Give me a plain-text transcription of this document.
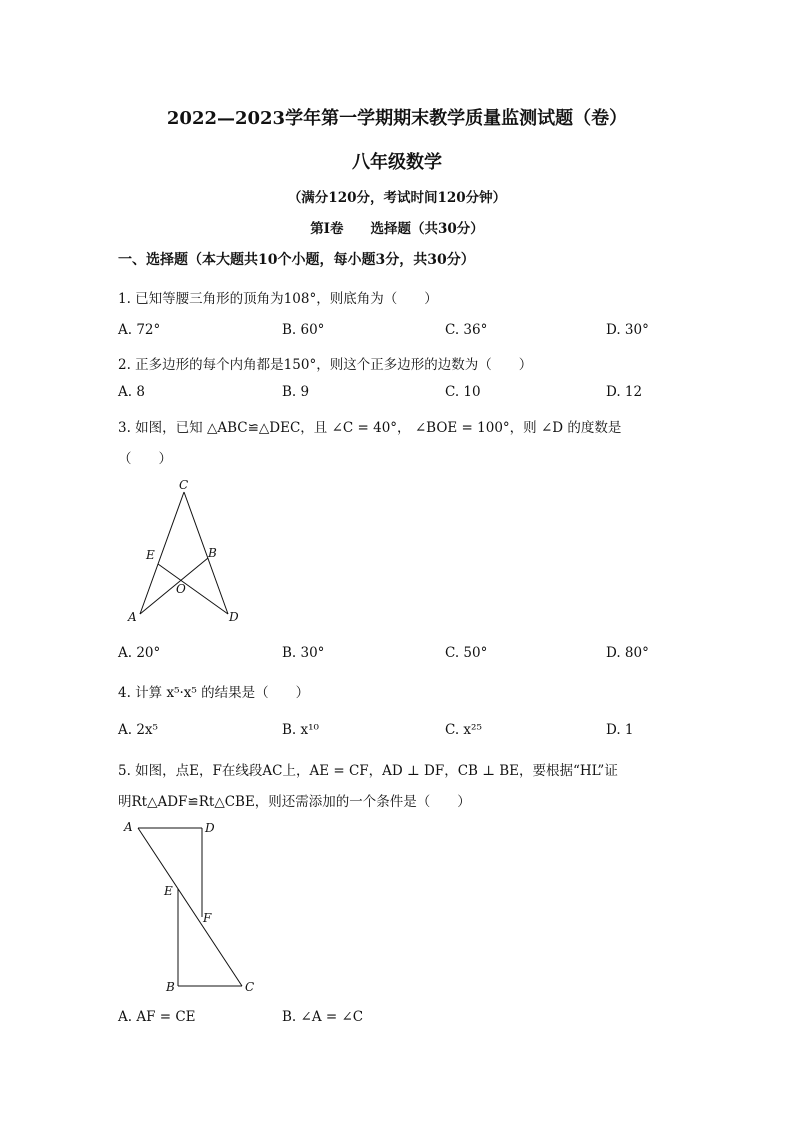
2022—2023学年第一学期期末教学质量监测试题（卷）
八年级数学
（满分120分，考试时间120分钟）
第Ⅰ卷　　选择题（共30分）
一、选择题（本大题共10个小题，每小题3分，共30分）
1. 已知等腰三角形的顶角为108°，则底角为（　　）
A. 72°	B. 60°	C. 36°	D. 30°
2. 正多边形的每个内角都是150°，则这个正多边形的边数为（　　）
A. 8	B. 9	C. 10	D. 12
3. 如图，已知 △ABC≌△DEC，且 ∠C = 40°， ∠BOE = 100°，则 ∠D 的度数是
（　　）
C
E	B
O
A	D
A. 20°	B. 30°	C. 50°	D. 80°
4. 计算 x⁵·x⁵ 的结果是（　　）
A. 2x⁵	B. x¹⁰	C. x²⁵	D. 1
5. 如图，点E，F在线段AC上，AE = CF，AD ⊥ DF，CB ⊥ BE，要根据“HL”证
明Rt△ADF≌Rt△CBE，则还需添加的一个条件是（　　）
A	D
E
F
B	C
A. AF = CE	B. ∠A = ∠C
